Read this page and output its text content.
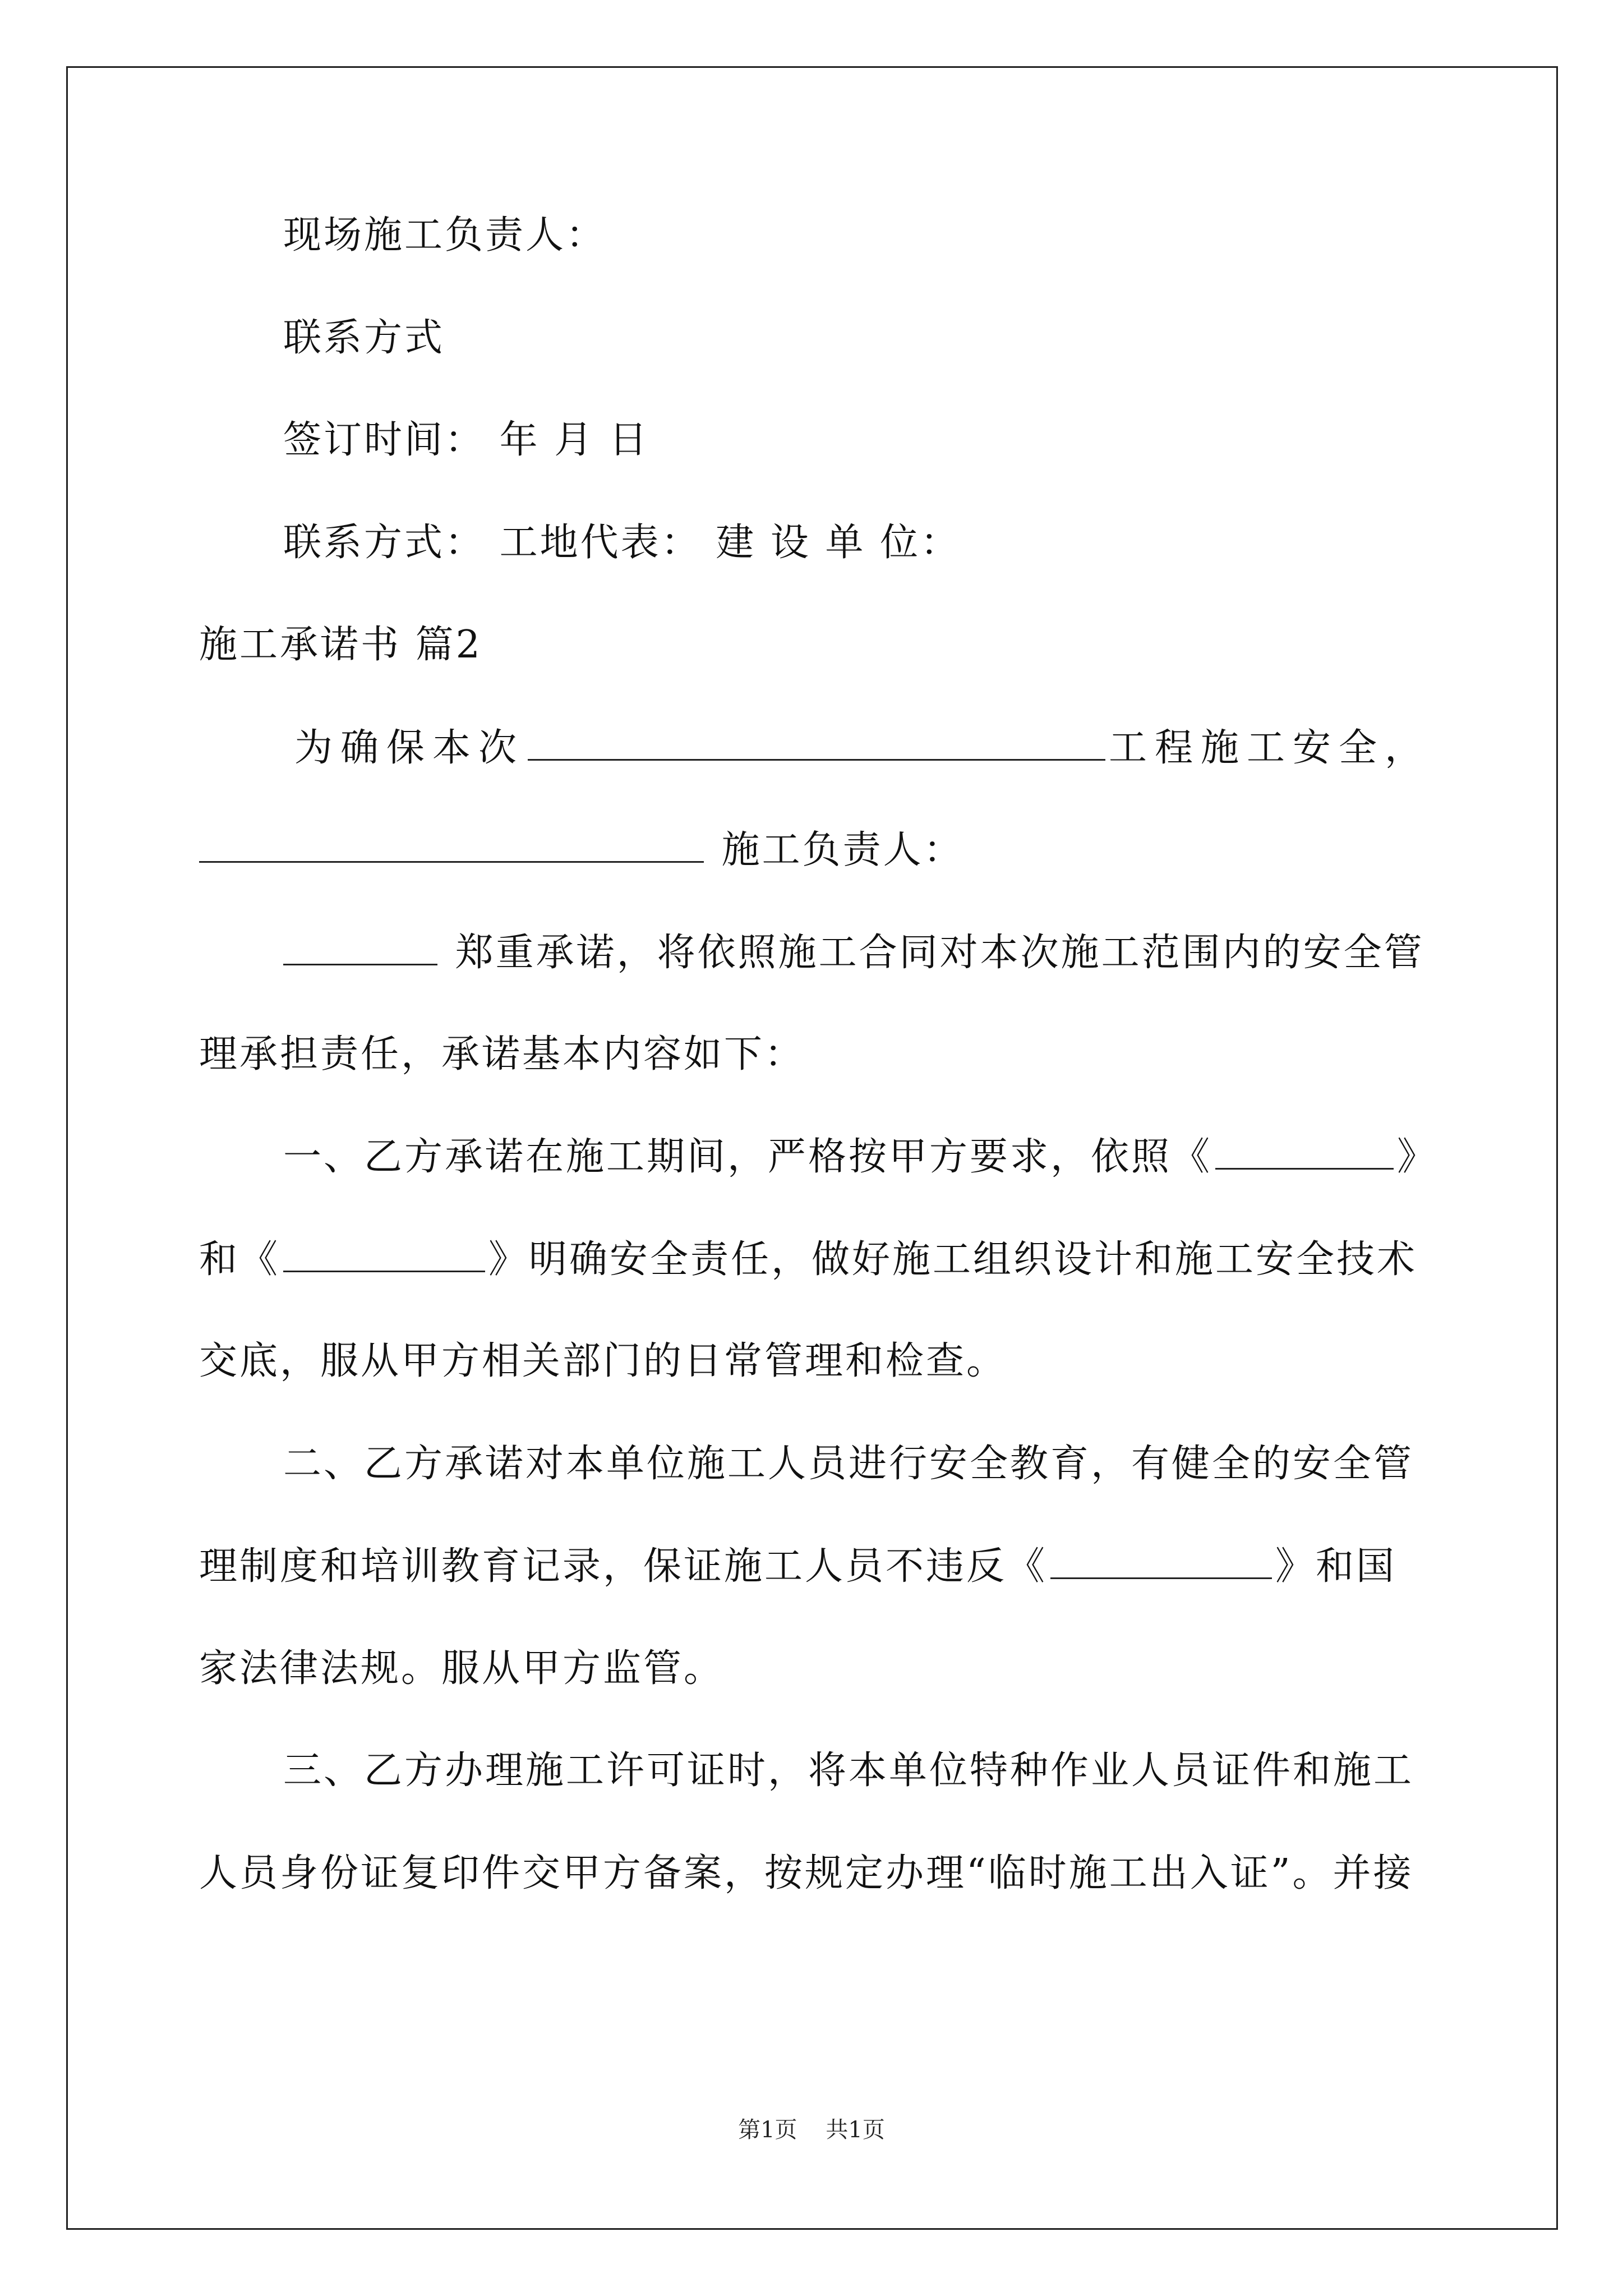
现场施工负责人：
联系方式
签订时间： 年 月 日
联系方式： 工地代表： 建 设 单 位：
施工承诺书 篇2
为确保本次	工程施工安全，
施工负责人：
郑重承诺，将依照施工合同对本次施工范围内的安全管
理承担责任，承诺基本内容如下：
一、乙方承诺在施工期间，严格按甲方要求，依照《	》
和《	》明确安全责任，做好施工组织设计和施工安全技术
交底，服从甲方相关部门的日常管理和检查。
二、乙方承诺对本单位施工人员进行安全教育，有健全的安全管
理制度和培训教育记录，保证施工人员不违反《	》和国
家法律法规。服从甲方监管。
三、乙方办理施工许可证时，将本单位特种作业人员证件和施工
人员身份证复印件交甲方备案，按规定办理“临时施工出入证”。并接
第1页    共1页
